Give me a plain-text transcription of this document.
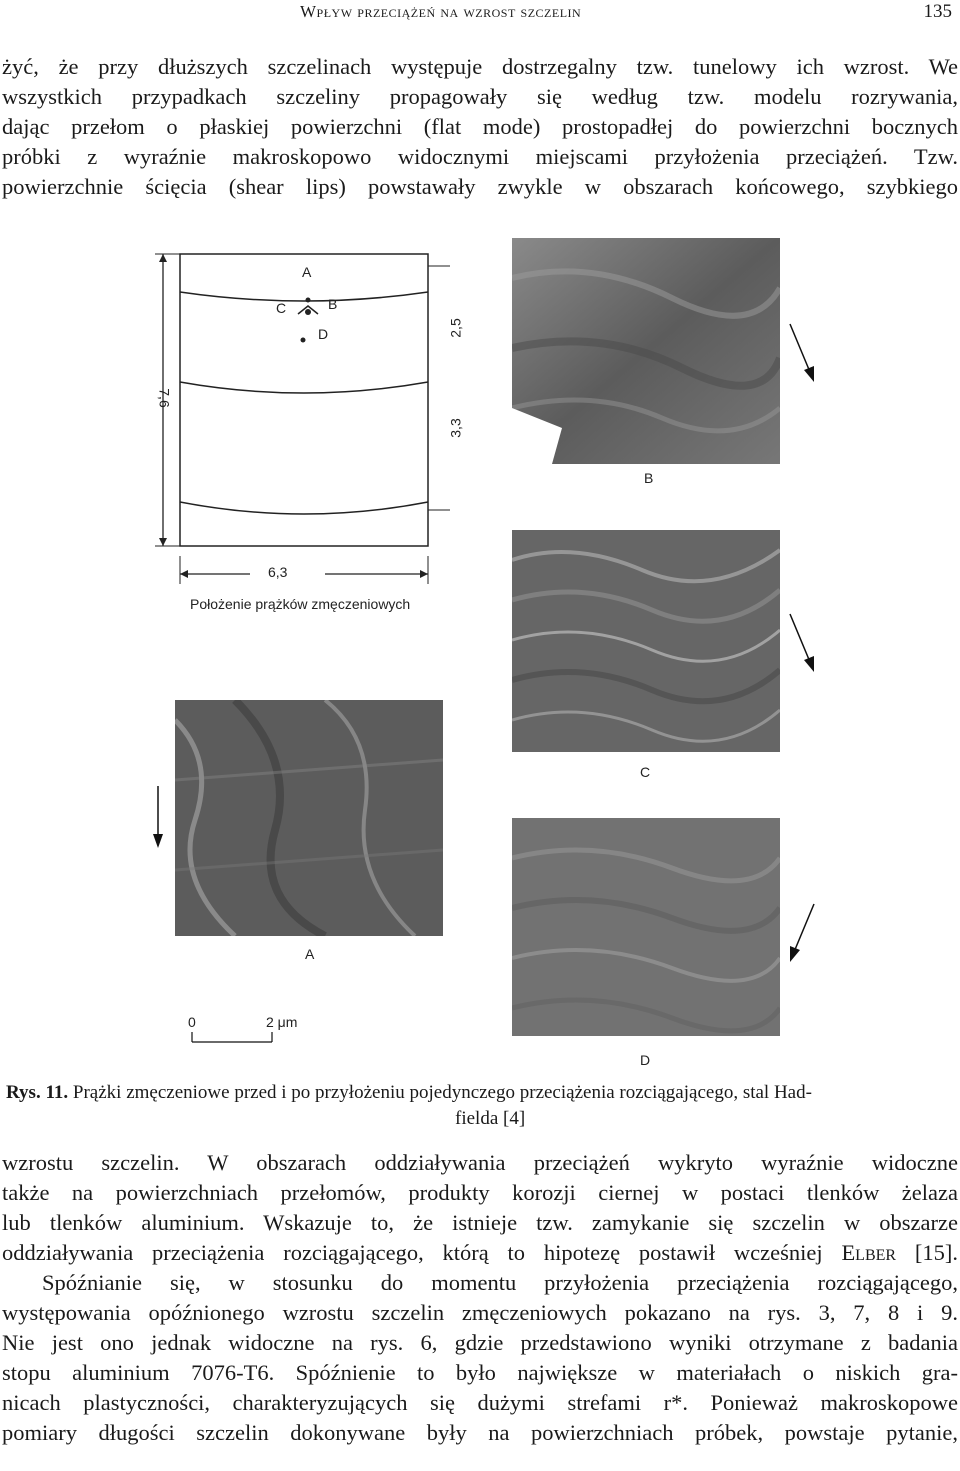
Wpływ przeciążeń na wzrost szczelin	135
żyć, że przy dłuższych szczelinach występuje dostrzegalny tzw. tunelowy ich wzrost. We
wszystkich przypadkach szczeliny propagowały się według tzw. modelu rozrywania,
dając przełom o płaskiej powierzchni (flat mode) prostopadłej do powierzchni bocznych
próbki z wyraźnie makroskopowo widocznymi miejscami przyłożenia przeciążeń. Tzw.
powierzchnie ścięcia (shear lips) powstawały zwykle w obszarach końcowego, szybkiego
A
C	B
D
7,6
2,5
3,3
6,3
Położenie prążków zmęczeniowych
B
C
A
0	2 μm
D
Rys. 11. Prążki zmęczeniowe przed i po przyłożeniu pojedynczego przeciążenia rozciągającego, stal Had-
fielda [4]
wzrostu szczelin. W obszarach oddziaływania przeciążeń wykryto wyraźnie widoczne
także na powierzchniach przełomów, produkty korozji ciernej w postaci tlenków żelaza
lub tlenków aluminium. Wskazuje to, że istnieje tzw. zamykanie się szczelin w obszarze
oddziaływania przeciążenia rozciągającego, którą to hipotezę postawił wcześniej Elber [15].
Spóźnianie się, w stosunku do momentu przyłożenia przeciążenia rozciągającego,
występowania opóźnionego wzrostu szczelin zmęczeniowych pokazano na rys. 3, 7, 8 i 9.
Nie jest ono jednak widoczne na rys. 6, gdzie przedstawiono wyniki otrzymane z badania
stopu aluminium 7076-T6. Spóźnienie to było największe w materiałach o niskich gra-
nicach plastyczności, charakteryzujących się dużymi strefami r*. Ponieważ makroskopowe
pomiary długości szczelin dokonywane były na powierzchniach próbek, powstaje pytanie,
